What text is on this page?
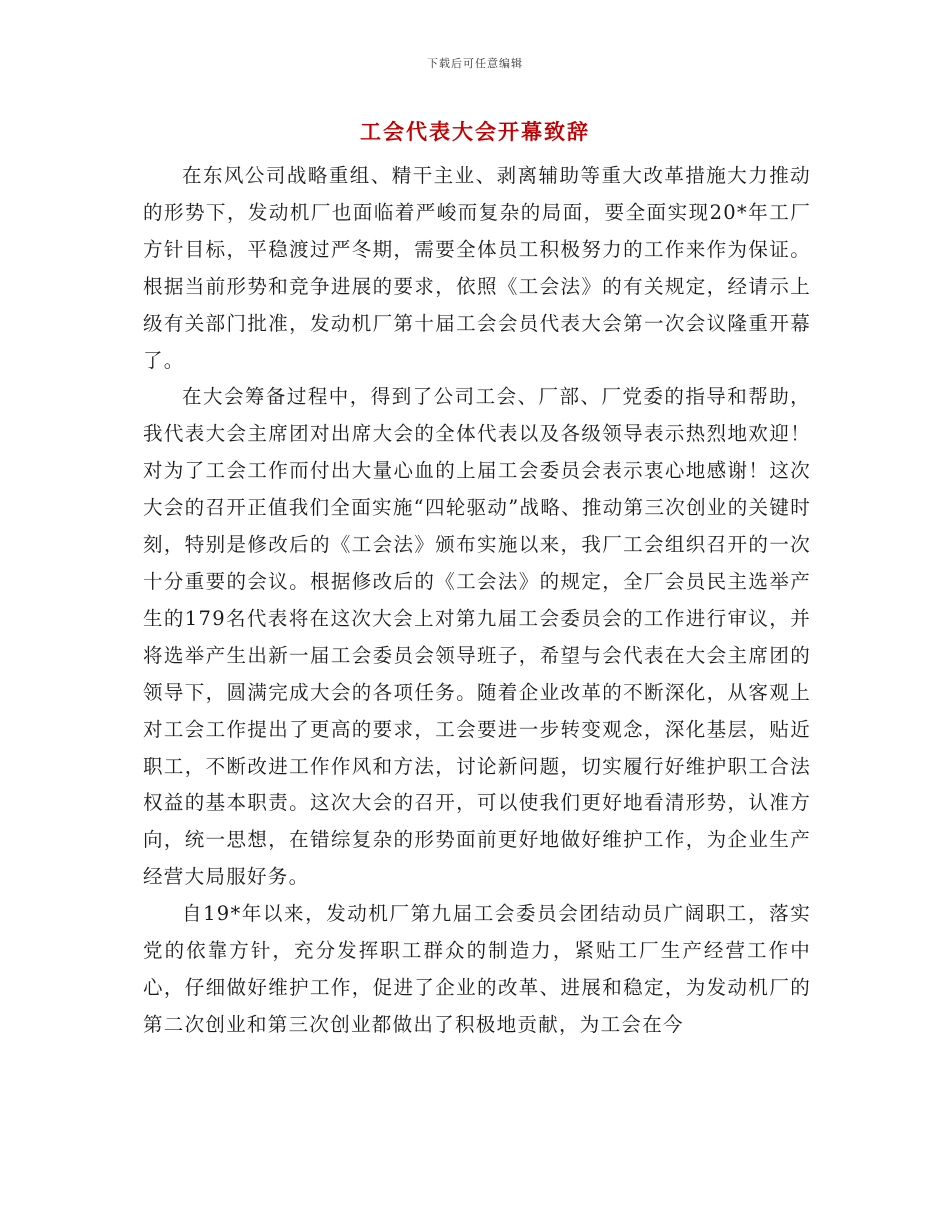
下载后可任意编辑
工会代表大会开幕致辞

在东风公司战略重组、精干主业、剥离辅助等重大改革措施大力推动的形势下，发动机厂也面临着严峻而复杂的局面，要全面实现20*年工厂方针目标，平稳渡过严冬期，需要全体员工积极努力的工作来作为保证。根据当前形势和竞争进展的要求，依照《工会法》的有关规定，经请示上级有关部门批准，发动机厂第十届工会会员代表大会第一次会议隆重开幕了。

在大会筹备过程中，得到了公司工会、厂部、厂党委的指导和帮助，我代表大会主席团对出席大会的全体代表以及各级领导表示热烈地欢迎！对为了工会工作而付出大量心血的上届工会委员会表示衷心地感谢！这次大会的召开正值我们全面实施“四轮驱动”战略、推动第三次创业的关键时刻，特别是修改后的《工会法》颁布实施以来，我厂工会组织召开的一次十分重要的会议。根据修改后的《工会法》的规定，全厂会员民主选举产生的179名代表将在这次大会上对第九届工会委员会的工作进行审议，并将选举产生出新一届工会委员会领导班子，希望与会代表在大会主席团的领导下，圆满完成大会的各项任务。随着企业改革的不断深化，从客观上对工会工作提出了更高的要求，工会要进一步转变观念，深化基层，贴近职工，不断改进工作作风和方法，讨论新问题，切实履行好维护职工合法权益的基本职责。这次大会的召开，可以使我们更好地看清形势，认准方向，统一思想，在错综复杂的形势面前更好地做好维护工作，为企业生产经营大局服好务。

自19*年以来，发动机厂第九届工会委员会团结动员广阔职工，落实党的依靠方针，充分发挥职工群众的制造力，紧贴工厂生产经营工作中心，仔细做好维护工作，促进了企业的改革、进展和稳定，为发动机厂的第二次创业和第三次创业都做出了积极地贡献，为工会在今
